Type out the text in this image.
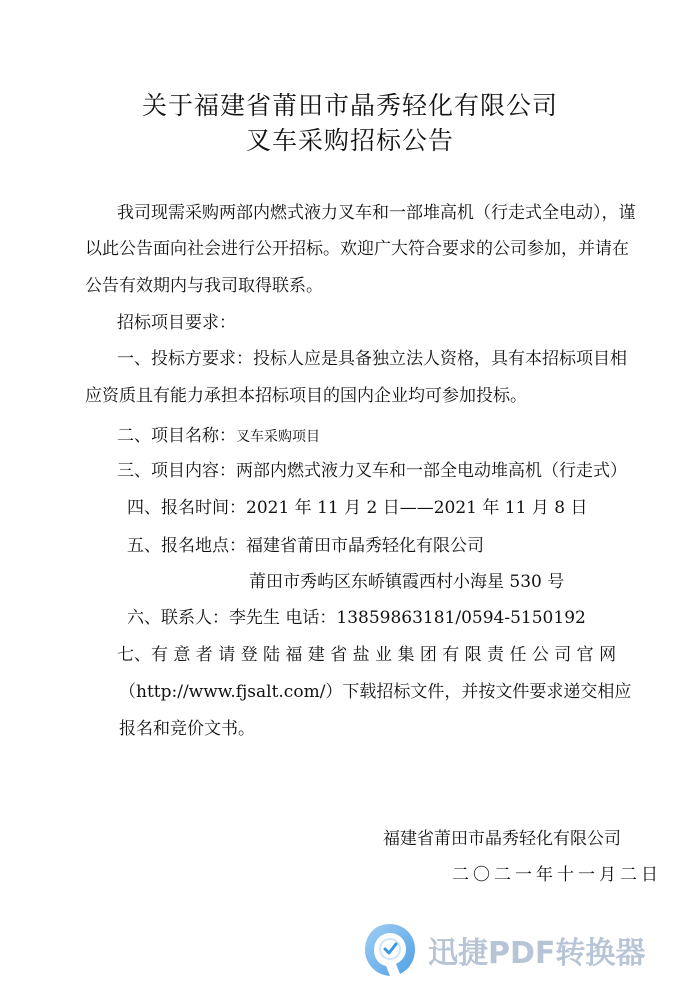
关于福建省莆田市晶秀轻化有限公司
叉车采购招标公告
我司现需采购两部内燃式液力叉车和一部堆高机（行走式全电动），谨
以此公告面向社会进行公开招标。欢迎广大符合要求的公司参加，并请在
公告有效期内与我司取得联系。
招标项目要求：
一、投标方要求：投标人应是具备独立法人资格，具有本招标项目相
应资质且有能力承担本招标项目的国内企业均可参加投标。
二、项目名称：叉车采购项目
三、项目内容：两部内燃式液力叉车和一部全电动堆高机（行走式）
四、报名时间：2021 年 11 月 2 日——2021 年 11 月 8 日
五、报名地点：福建省莆田市晶秀轻化有限公司
莆田市秀屿区东峤镇霞西村小海星 530 号
六、联系人：李先生 电话：13859863181/0594-5150192
七、有 意 者 请 登 陆 福 建 省 盐 业 集 团 有 限 责 任 公 司 官 网
（http://www.fjsalt.com/）下载招标文件，并按文件要求递交相应
报名和竞价文书。
福建省莆田市晶秀轻化有限公司
二〇二一年十一月二日
迅捷PDF转换器
